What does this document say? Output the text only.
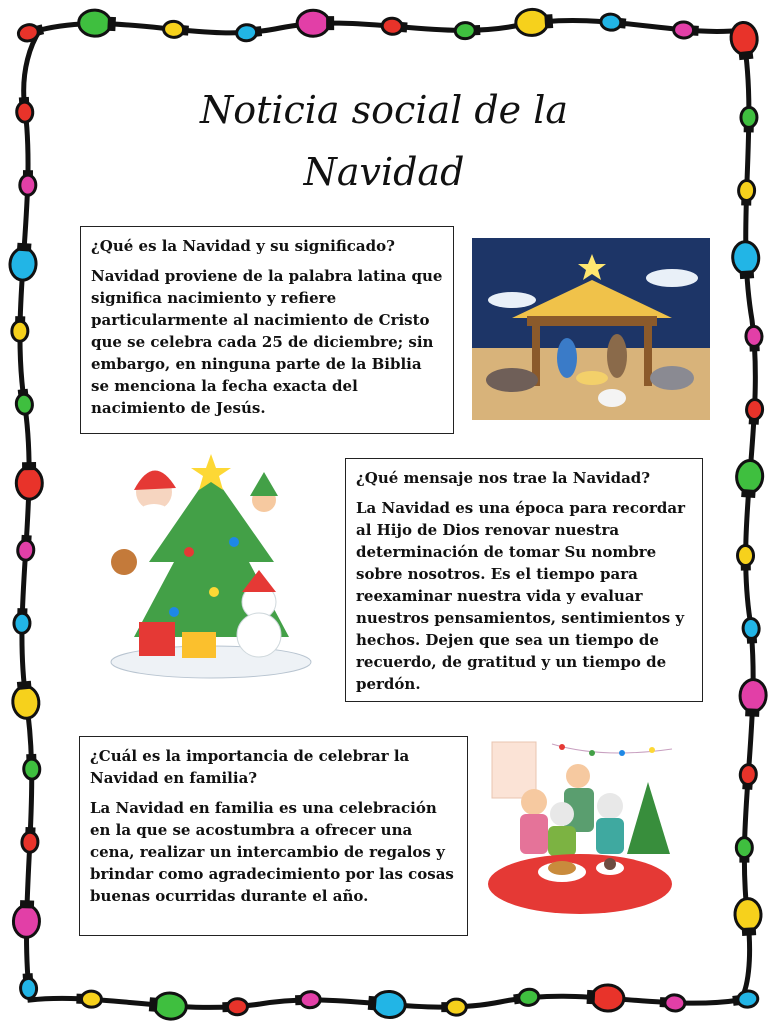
Noticia social de la
Navidad

¿Qué es la Navidad y su significado?

Navidad proviene de la palabra latina que significa nacimiento y refiere particularmente al nacimiento de Cristo que se celebra cada 25 de diciembre; sin embargo, en ninguna parte de la Biblia se menciona la fecha exacta del nacimiento de Jesús.

¿Qué mensaje nos trae la Navidad?

La Navidad es una época para recordar al Hijo de Dios renovar nuestra determinación de tomar Su nombre sobre nosotros. Es el tiempo para reexaminar nuestra vida y evaluar nuestros pensamientos, sentimientos y hechos. Dejen que sea un tiempo de recuerdo, de gratitud y un tiempo de perdón.

¿Cuál es la importancia de celebrar la Navidad en familia?

La Navidad en familia es una celebración en la que se acostumbra a ofrecer una cena, realizar un intercambio de regalos y brindar como agradecimiento por las cosas buenas ocurridas durante el año.
